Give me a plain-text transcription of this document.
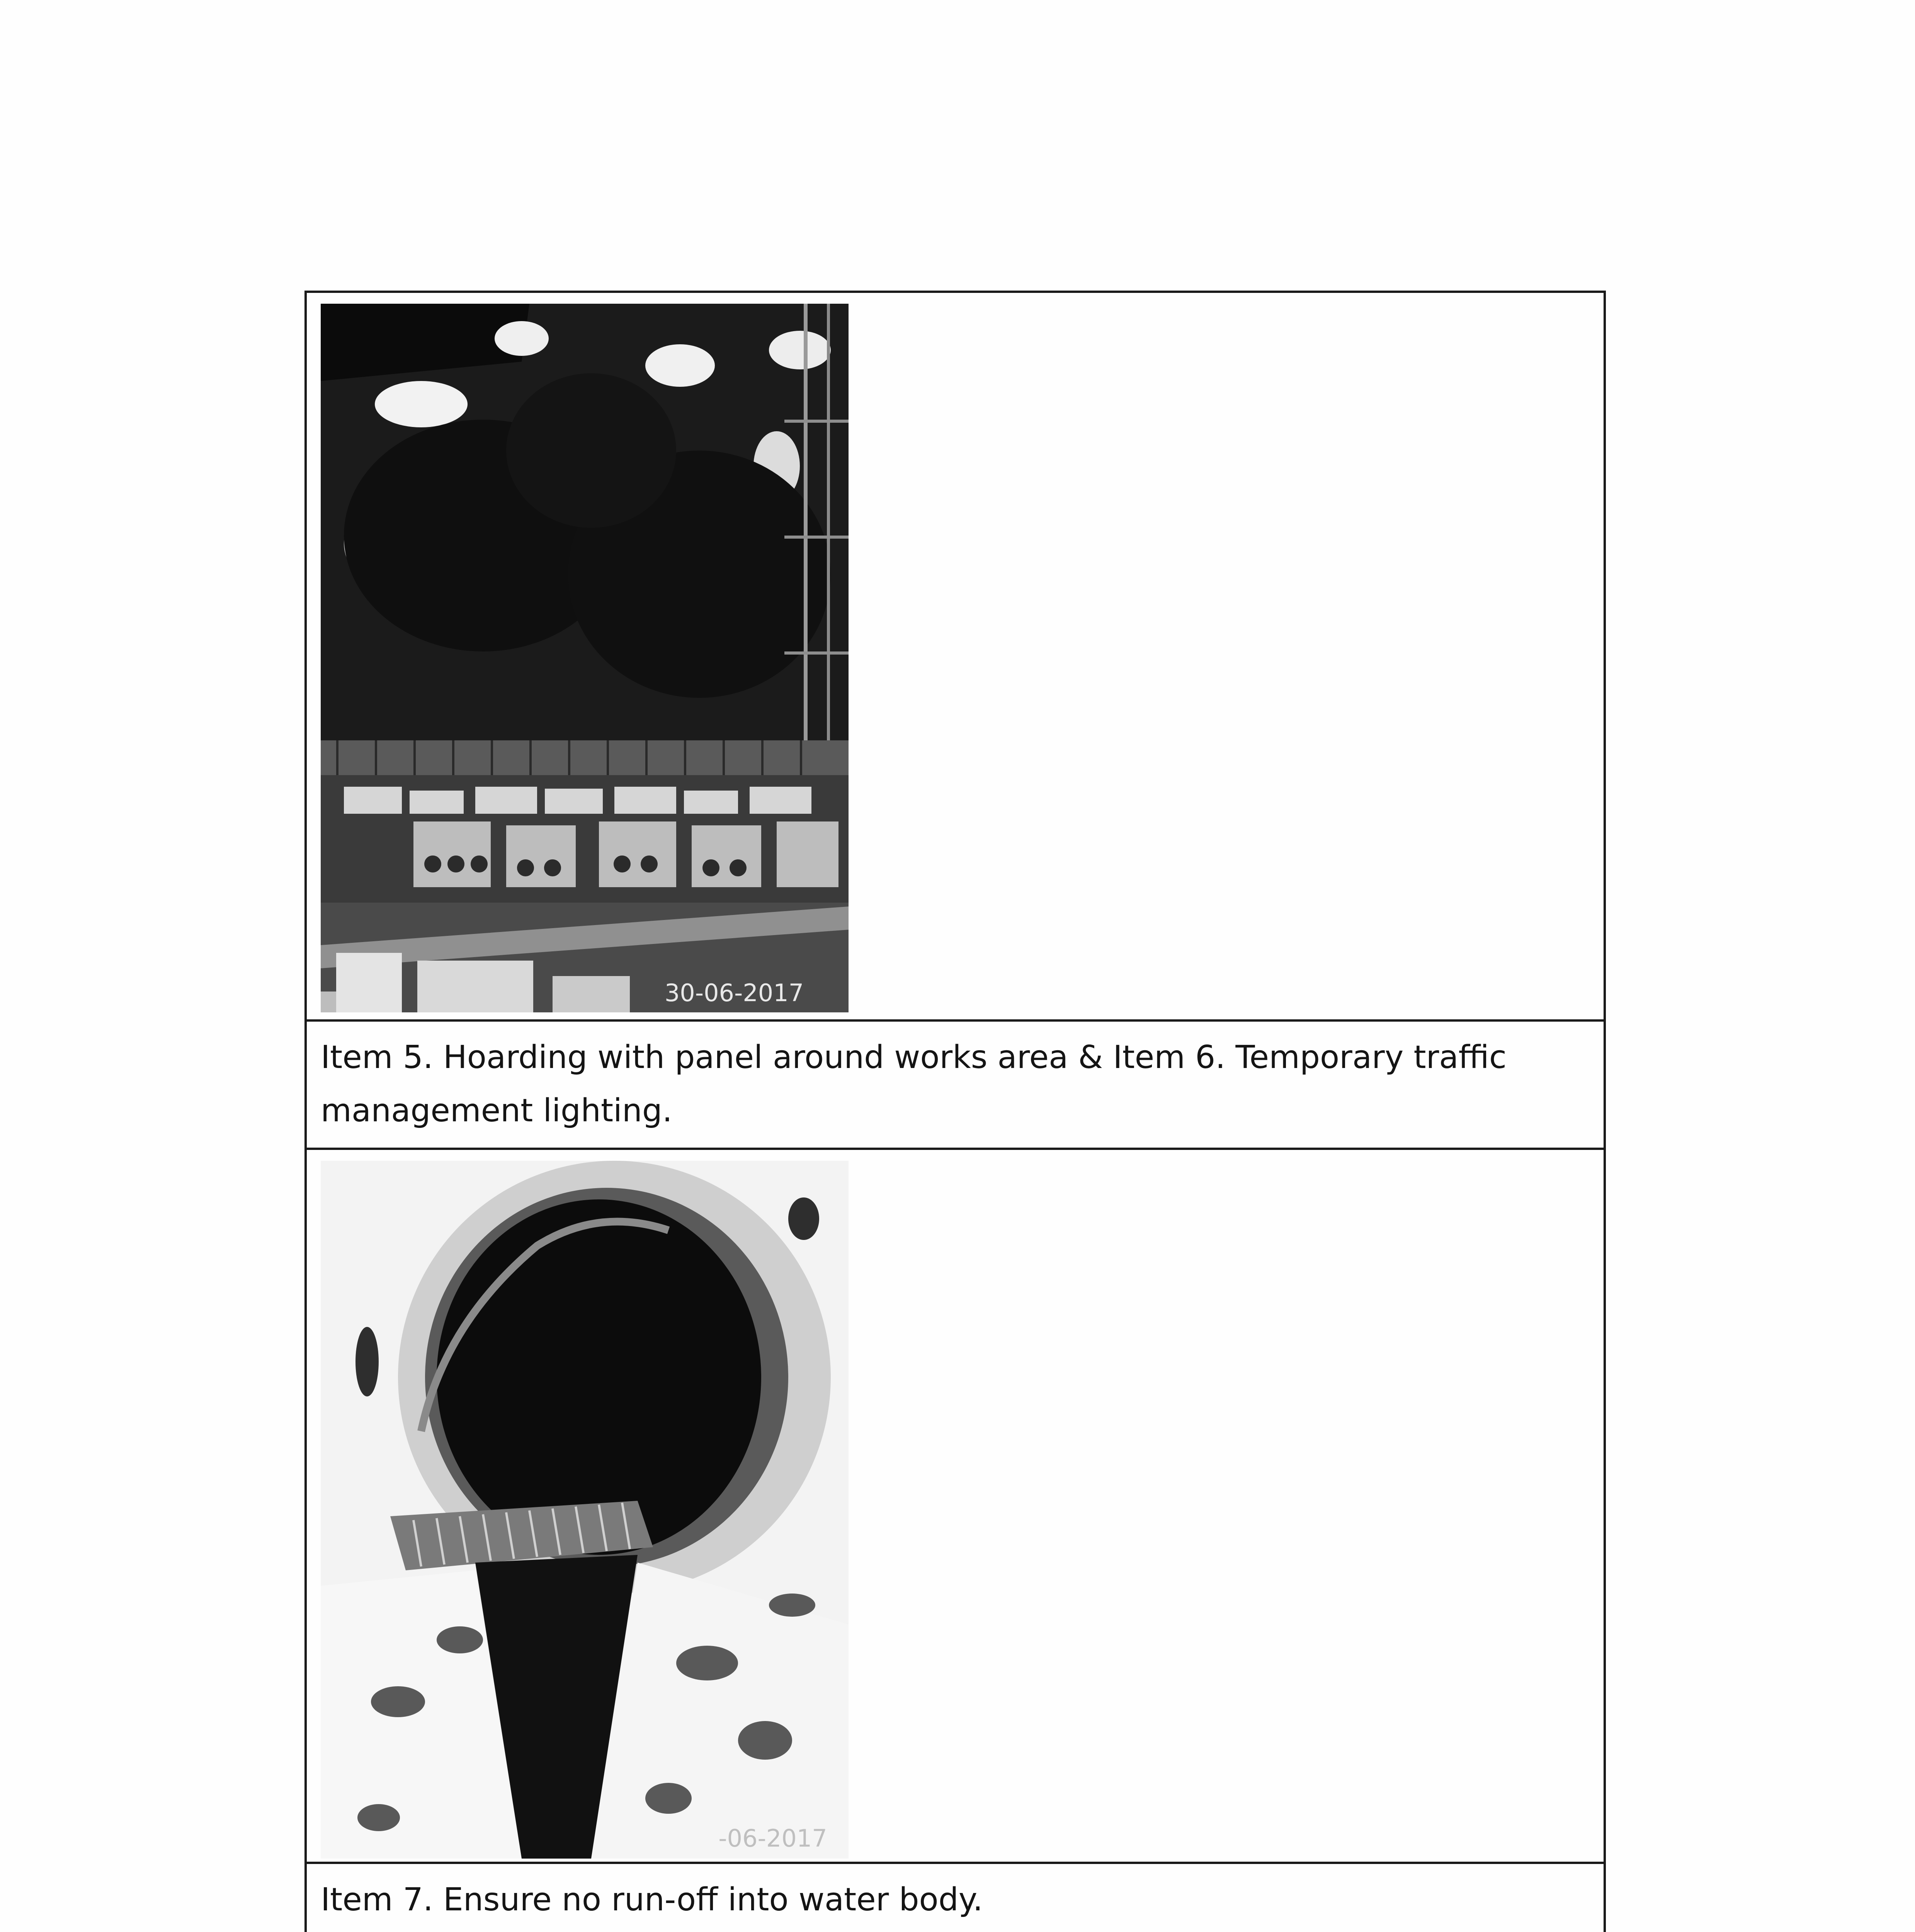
30-06-2017

Item 5. Hoarding with panel around works area & Item 6. Temporary traffic management lighting.

-06-2017

Item 7. Ensure no run-off into water body.
